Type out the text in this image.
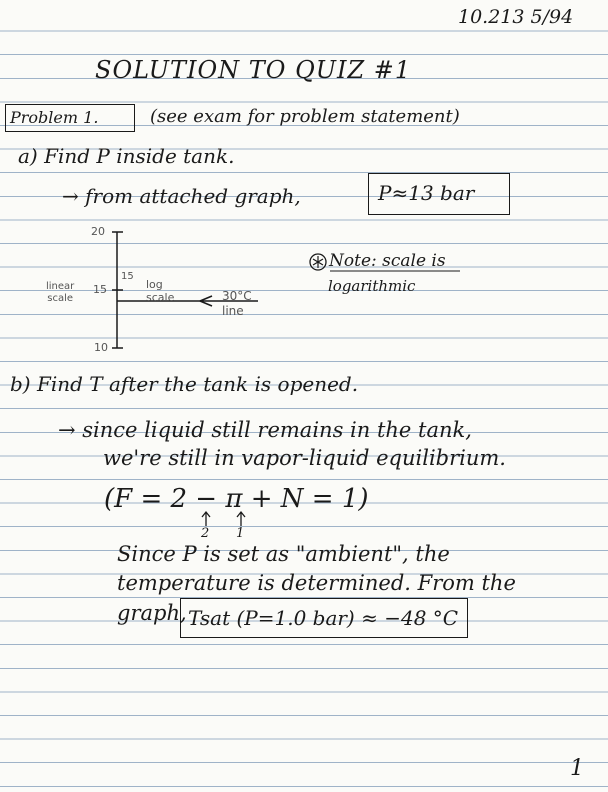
10.213 5/94
SOLUTION TO QUIZ #1
Problem 1.	(see exam for problem statement)
a) Find P inside tank.
→ from attached graph,	P≈13 bar
20
15
10
15
linear
scale
log
scale	30°C
line
Note: scale is
logarithmic
b) Find T after the tank is opened.
→ since liquid still remains in the tank,
we're still in vapor-liquid equilibrium.
(F = 2 − π + N = 1)
2 1
Since P is set as "ambient", the
temperature is determined. From the
graph, Tsat (P=1.0 bar) ≈ −48 °C
1
